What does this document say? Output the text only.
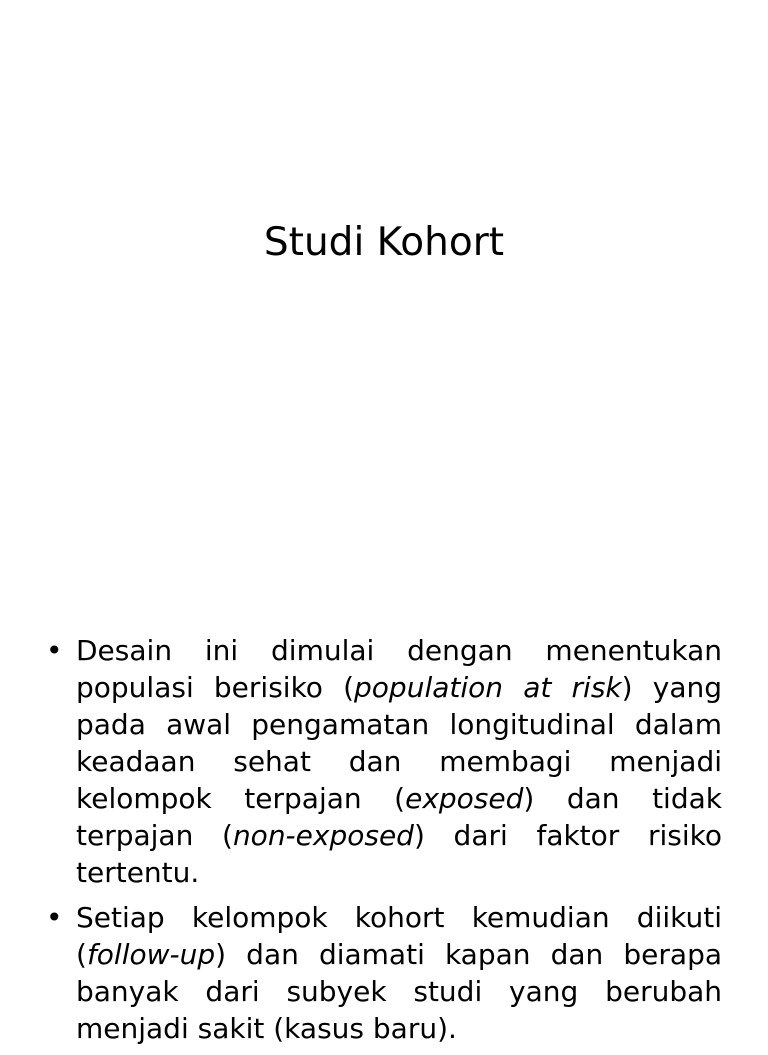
Studi Kohort
• Desain ini dimulai dengan menentukan populasi berisiko (population at risk) yang pada awal pengamatan longitudinal dalam keadaan sehat dan membagi menjadi kelompok terpajan (exposed) dan tidak terpajan (non-exposed) dari faktor risiko tertentu.
• Setiap kelompok kohort kemudian diikuti (follow-up) dan diamati kapan dan berapa banyak dari subyek studi yang berubah menjadi sakit (kasus baru).
